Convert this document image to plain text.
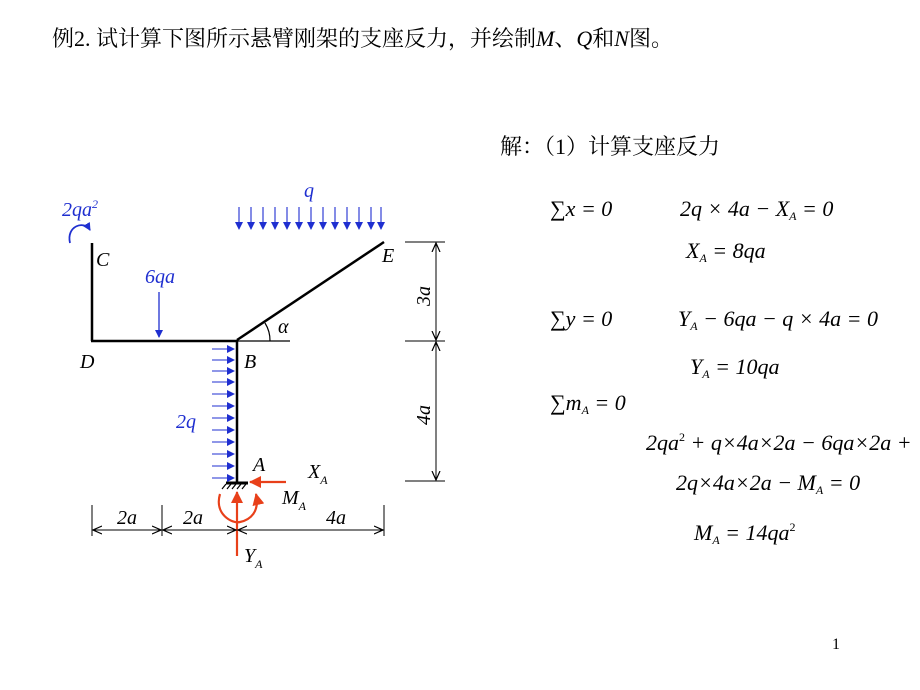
例2. 试计算下图所示悬臂刚架的支座反力，并绘制M、Q和N图。
解：（1）计算支座反力
∑x = 0	$2q \times 4a - X_A = 0$
$X_A = 8qa$
∑y = 0	$Y_A - 6qa - q \times 4a = 0$
$Y_A = 10qa$
$\sum m_A = 0$
$2qa^2 + q\times 4a\times 2a - 6qa\times 2a$ +
$2q\times 4a\times 2a - M_A = 0$
$M_A = 14qa^2$
1
$2qa^2$
q
6qa
2q
α
C
D	B
E
A
2a 2a	4a
3a
4a
$X_A$
$M_A$
$Y_A$
